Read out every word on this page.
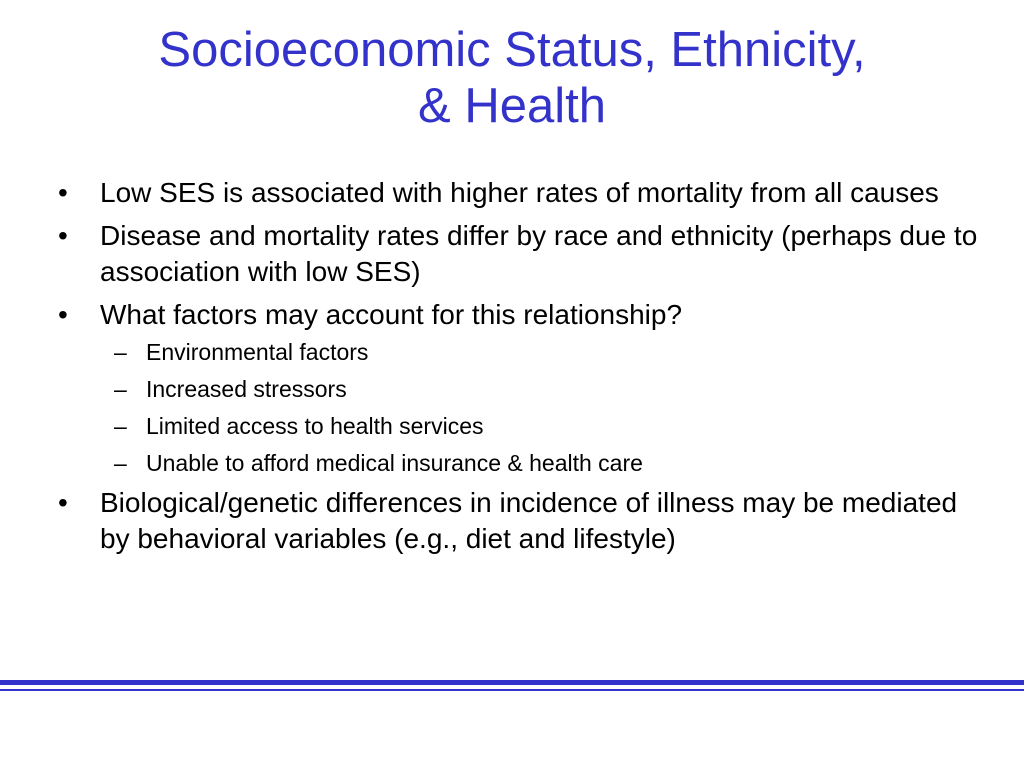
Socioeconomic Status, Ethnicity,
& Health
•	Low SES is associated with higher rates of mortality from all causes
•	Disease and mortality rates differ by race and ethnicity (perhaps due to association with low SES)
•	What factors may account for this relationship?
– Environmental factors
– Increased stressors
– Limited access to health services
– Unable to afford medical insurance & health care
•	Biological/genetic differences in incidence of illness may be mediated by behavioral variables (e.g., diet and lifestyle)
